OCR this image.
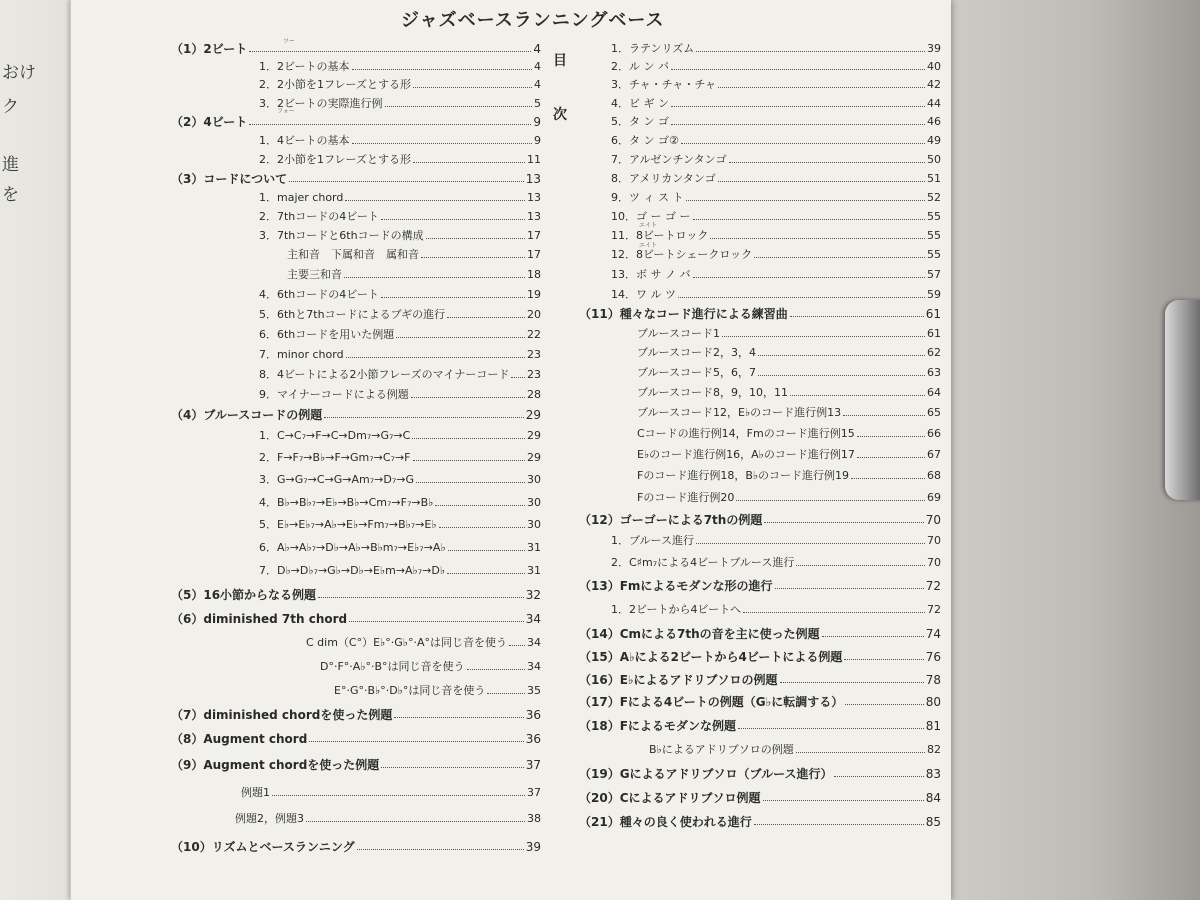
おけ
ク
進
を
ジャズベースランニングベース
目
次
ツー
フォー
エイト
エイト
（1）2ビート	4
1．2ビートの基本	4
2．2小節を1フレーズとする形	4
3．2ビートの実際進行例	5
（2）4ビート	9
1．4ビートの基本	9
2．2小節を1フレーズとする形	11
（3）コードについて	13
1．majer chord	13
2．7thコードの4ビート	13
3．7thコードと6thコードの構成	17
主和音　下属和音　属和音	17
主要三和音	18
4．6thコードの4ビート	19
5．6thと7thコードによるブギの進行	20
6．6thコードを用いた例題	22
7．minor chord	23
8．4ビートによる2小節フレーズのマイナーコード 23
9．マイナーコードによる例題	28
（4）ブルースコードの例題	29
1．C→C₇→F→C→Dm₇→G₇→C	29
2．F→F₇→B♭→F→Gm₇→C₇→F	29
3．G→G₇→C→G→Am₇→D₇→G	30
4．B♭→B♭₇→E♭→B♭→Cm₇→F₇→B♭	30
5．E♭→E♭₇→A♭→E♭→Fm₇→B♭₇→E♭	30
6．A♭→A♭₇→D♭→A♭→B♭m₇→E♭₇→A♭	31
7．D♭→D♭₇→G♭→D♭→E♭m→A♭₇→D♭	31
（5）16小節からなる例題	32
（6）diminished 7th chord	34
C dim（C°）E♭°·G♭°·A°は同じ音を使う 34
D°·F°·A♭°·B°は同じ音を使う	34
E°·G°·B♭°·D♭°は同じ音を使う	35
（7）diminished chordを使った例題	36
（8）Augment chord	36
（9）Augment chordを使った例題	37
例題1	37
例題2，例題3	38
（10）リズムとベースランニング	39
1．ラテンリズム	39
2．ル ン バ	40
3．チャ・チャ・チャ	42
4．ビ ギ ン	44
5．タ ン ゴ	46
6．タ ン ゴ②	49
7．アルゼンチンタンゴ	50
8．アメリカンタンゴ	51
9．ツ ィ ス ト	52
10．ゴ ー ゴ ー	55
11．8ビートロック	55
12．8ビートシェークロック	55
13．ボ サ ノ バ	57
14．ワ ル ツ	59
（11）種々なコード進行による練習曲	61
ブルースコード1	61
ブルースコード2，3，4	62
ブルースコード5，6，7	63
ブルースコード8，9，10，11	64
ブルースコード12，E♭のコード進行例13	65
Cコードの進行例14，Fmのコード進行例15	66
E♭のコード進行例16，A♭のコード進行例17	67
Fのコード進行例18，B♭のコード進行例19	68
Fのコード進行例20	69
（12）ゴーゴーによる7thの例題	70
1．ブルース進行	70
2．C♯m₇による4ビートブルース進行	70
（13）Fmによるモダンな形の進行	72
1．2ビートから4ビートへ	72
（14）Cmによる7thの音を主に使った例題	74
（15）A♭による2ビートから4ビートによる例題	76
（16）E♭によるアドリブソロの例題	78
（17）Fによる4ビートの例題（G♭に転調する）	80
（18）Fによるモダンな例題	81
B♭によるアドリブソロの例題	82
（19）Gによるアドリブソロ（ブルース進行）	83
（20）Cによるアドリブソロ例題	84
（21）種々の良く使われる進行	85
